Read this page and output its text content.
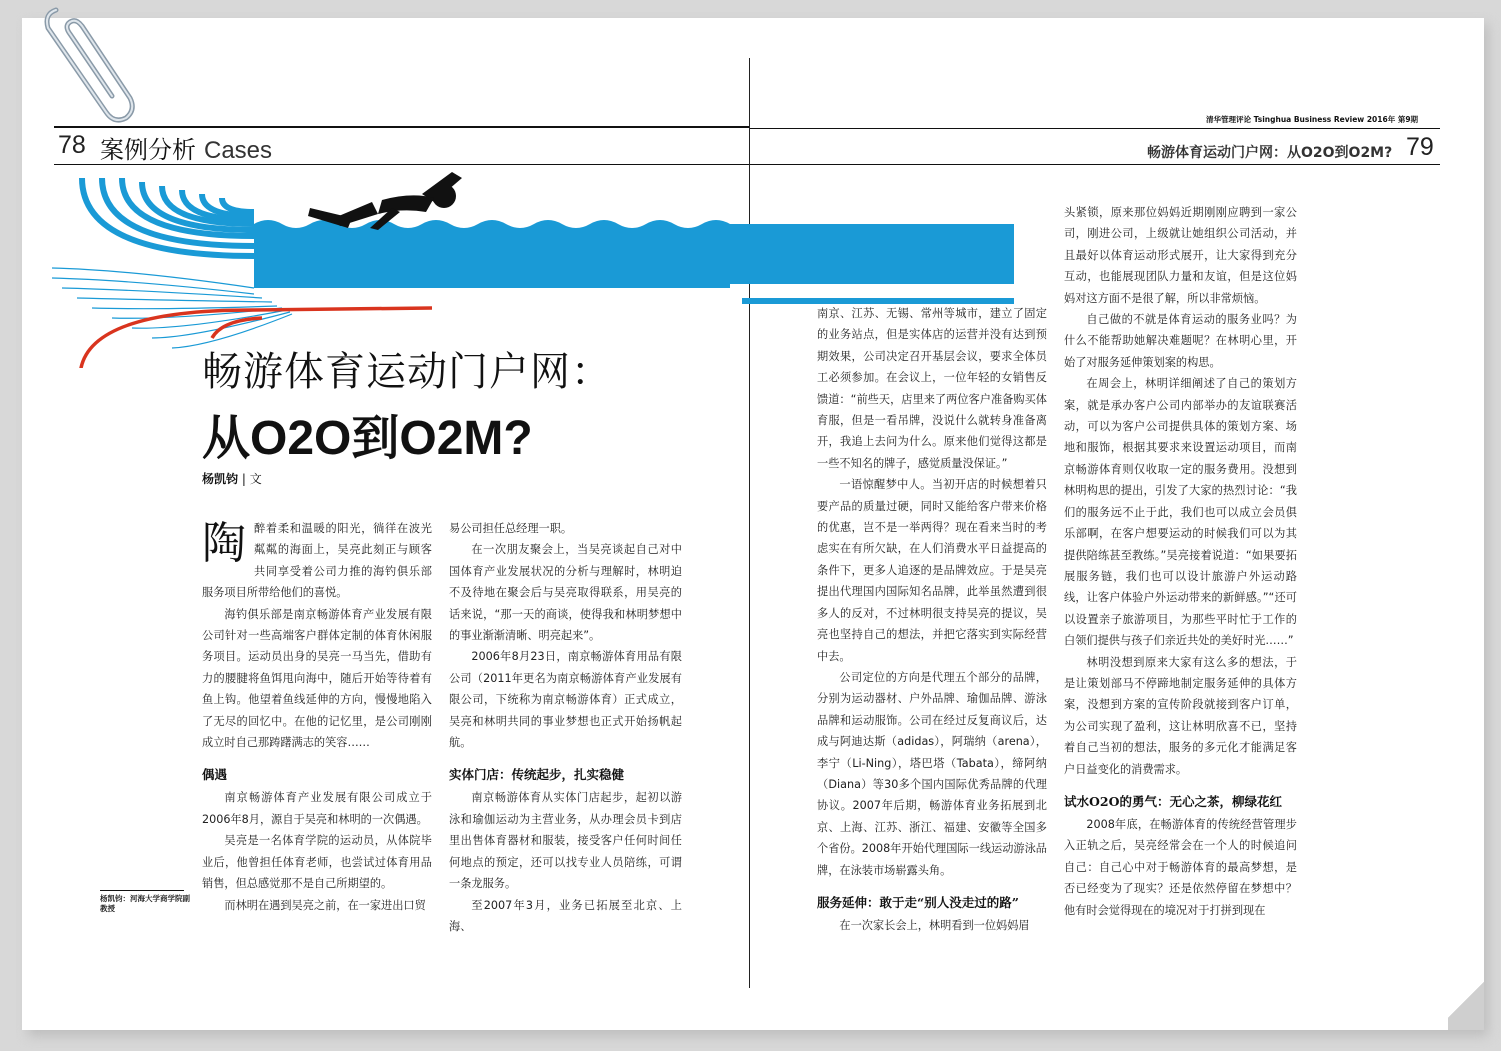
78 案例分析 Cases
清华管理评论 Tsinghua Business Review 2016年 第9期
畅游体育运动门户网：从O2O到O2M? 79
畅游体育运动门户网：
从O2O到O2M?
杨凯钧 | 文
陶 醉着柔和温暖的阳光，徜徉在波光粼粼的海面上，吴亮此刻正与顾客共同享受着公司力推的海钓俱乐部服务项目所带给他们的喜悦。

海钓俱乐部是南京畅游体育产业发展有限公司针对一些高端客户群体定制的体育休闲服务项目。运动员出身的吴亮一马当先，借助有力的腰腱将鱼饵甩向海中，随后开始等待着有鱼上钩。他望着鱼线延伸的方向，慢慢地陷入了无尽的回忆中。在他的记忆里，是公司刚刚成立时自己那踌躇满志的笑容……

偶遇

南京畅游体育产业发展有限公司成立于2006年8月，源自于吴亮和林明的一次偶遇。

吴亮是一名体育学院的运动员，从体院毕业后，他曾担任体育老师，也尝试过体育用品销售，但总感觉那不是自己所期望的。

而林明在遇到吴亮之前，在一家进出口贸

易公司担任总经理一职。

在一次朋友聚会上，当吴亮谈起自己对中国体育产业发展状况的分析与理解时，林明迫不及待地在聚会后与吴亮取得联系，用吴亮的话来说，“那一天的商谈，使得我和林明梦想中的事业渐渐清晰、明亮起来”。

2006年8月23日，南京畅游体育用品有限公司（2011年更名为南京畅游体育产业发展有限公司，下统称为南京畅游体育）正式成立，吴亮和林明共同的事业梦想也正式开始扬帆起航。

实体门店：传统起步，扎实稳健

南京畅游体育从实体门店起步，起初以游泳和瑜伽运动为主营业务，从办理会员卡到店里出售体育器材和服装，接受客户任何时间任何地点的预定，还可以找专业人员陪练，可谓一条龙服务。

至2007年3月，业务已拓展至北京、上海、

杨凯钧：河海大学商学院副教授

南京、江苏、无锡、常州等城市，建立了固定的业务站点，但是实体店的运营并没有达到预期效果，公司决定召开基层会议，要求全体员工必须参加。在会议上，一位年轻的女销售反馈道：“前些天，店里来了两位客户准备购买体育服，但是一看吊牌，没说什么就转身准备离开，我追上去问为什么。原来他们觉得这都是一些不知名的牌子，感觉质量没保证。”

一语惊醒梦中人。当初开店的时候想着只要产品的质量过硬，同时又能给客户带来价格的优惠，岂不是一举两得？现在看来当时的考虑实在有所欠缺，在人们消费水平日益提高的条件下，更多人追逐的是品牌效应。于是吴亮提出代理国内国际知名品牌，此举虽然遭到很多人的反对，不过林明很支持吴亮的提议，吴亮也坚持自己的想法，并把它落实到实际经营中去。

公司定位的方向是代理五个部分的品牌，分别为运动器材、户外品牌、瑜伽品牌、游泳品牌和运动服饰。公司在经过反复商议后，达成与阿迪达斯（adidas），阿瑞纳（arena），李宁（Li-Ning），塔巴塔（Tabata），缔阿纳（Diana）等30多个国内国际优秀品牌的代理协议。2007年后期，畅游体育业务拓展到北京、上海、江苏、浙江、福建、安徽等全国多个省份。2008年开始代理国际一线运动游泳品牌，在泳装市场崭露头角。

服务延伸：敢于走“别人没走过的路”

在一次家长会上，林明看到一位妈妈眉

头紧锁，原来那位妈妈近期刚刚应聘到一家公司，刚进公司，上级就让她组织公司活动，并且最好以体育运动形式展开，让大家得到充分互动，也能展现团队力量和友谊，但是这位妈妈对这方面不是很了解，所以非常烦恼。

自己做的不就是体育运动的服务业吗？为什么不能帮助她解决难题呢？在林明心里，开始了对服务延伸策划案的构思。

在周会上，林明详细阐述了自己的策划方案，就是承办客户公司内部举办的友谊联赛活动，可以为客户公司提供具体的策划方案、场地和服饰，根据其要求来设置运动项目，而南京畅游体育则仅收取一定的服务费用。没想到林明构思的提出，引发了大家的热烈讨论：“我们的服务远不止于此，我们也可以成立会员俱乐部啊，在客户想要运动的时候我们可以为其提供陪练甚至教练。”吴亮接着说道：“如果要拓展服务链，我们也可以设计旅游户外运动路线，让客户体验户外运动带来的新鲜感。”“还可以设置亲子旅游项目，为那些平时忙于工作的白领们提供与孩子们亲近共处的美好时光……”

林明没想到原来大家有这么多的想法，于是让策划部马不停蹄地制定服务延伸的具体方案，没想到方案的宣传阶段就接到客户订单，为公司实现了盈利，这让林明欣喜不已，坚持着自己当初的想法，服务的多元化才能满足客户日益变化的消费需求。

试水O2O的勇气：无心之茶，柳绿花红

2008年底，在畅游体育的传统经营管理步入正轨之后，吴亮经常会在一个人的时候追问自己：自己心中对于畅游体育的最高梦想，是否已经变为了现实？还是依然停留在梦想中？他有时会觉得现在的境况对于打拼到现在
